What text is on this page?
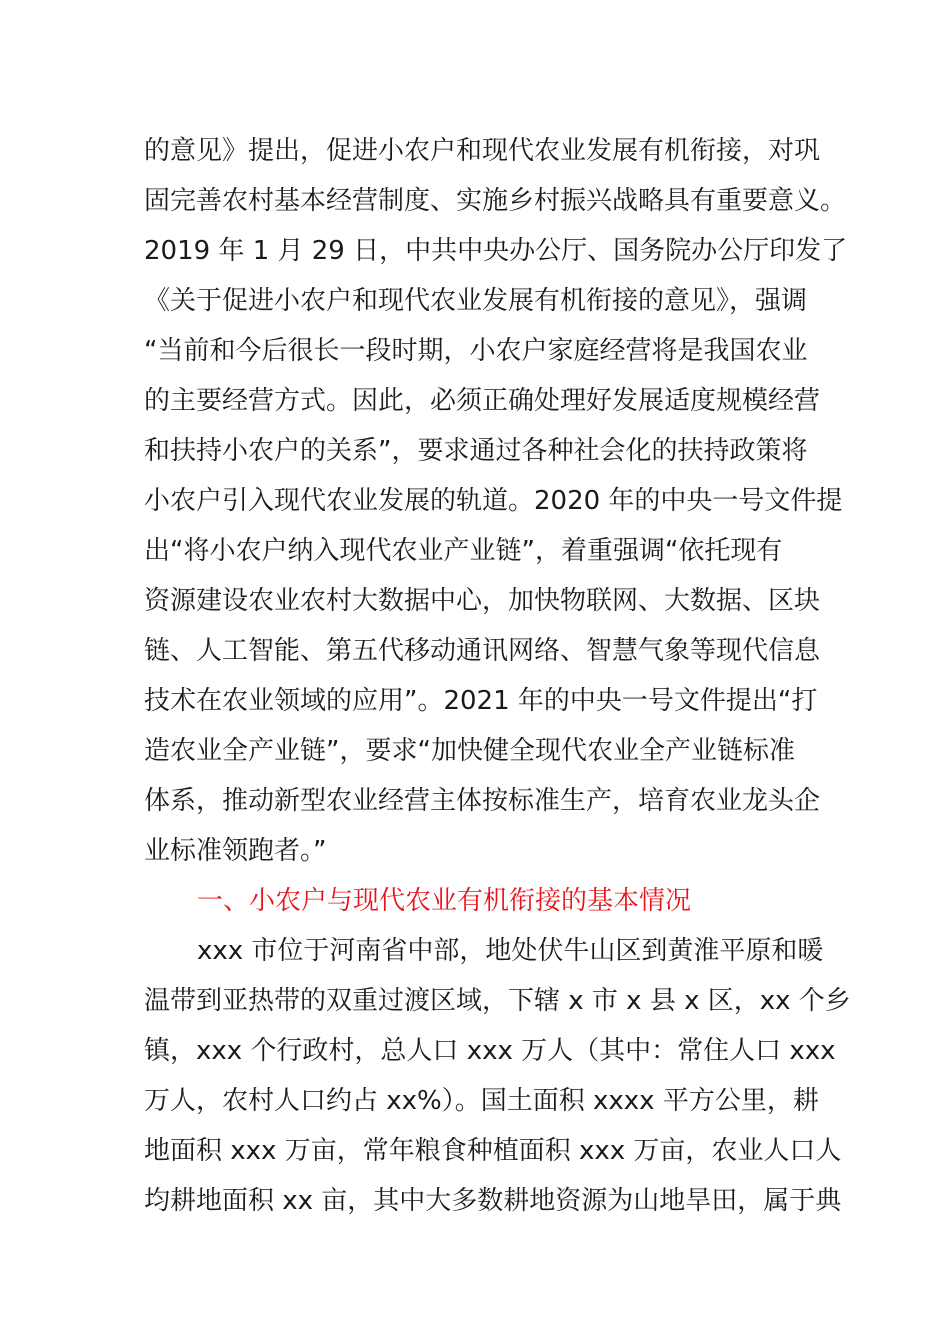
的意见》提出，促进小农户和现代农业发展有机衔接，对巩
固完善农村基本经营制度、实施乡村振兴战略具有重要意义。
2019 年 1 月 29 日，中共中央办公厅、国务院办公厅印发了
《关于促进小农户和现代农业发展有机衔接的意见》，强调
“当前和今后很长一段时期，小农户家庭经营将是我国农业
的主要经营方式。因此，必须正确处理好发展适度规模经营
和扶持小农户的关系”，要求通过各种社会化的扶持政策将
小农户引入现代农业发展的轨道。2020 年的中央一号文件提
出“将小农户纳入现代农业产业链”，着重强调“依托现有
资源建设农业农村大数据中心，加快物联网、大数据、区块
链、人工智能、第五代移动通讯网络、智慧气象等现代信息
技术在农业领域的应用”。2021 年的中央一号文件提出“打
造农业全产业链”，要求“加快健全现代农业全产业链标准
体系，推动新型农业经营主体按标准生产，培育农业龙头企
业标准领跑者。”
一、小农户与现代农业有机衔接的基本情况
xxx 市位于河南省中部，地处伏牛山区到黄淮平原和暖
温带到亚热带的双重过渡区域，下辖 x 市 x 县 x 区，xx 个乡
镇，xxx 个行政村，总人口 xxx 万人（其中：常住人口 xxx
万人，农村人口约占 xx%）。国土面积 xxxx 平方公里，耕
地面积 xxx 万亩，常年粮食种植面积 xxx 万亩，农业人口人
均耕地面积 xx 亩，其中大多数耕地资源为山地旱田，属于典
